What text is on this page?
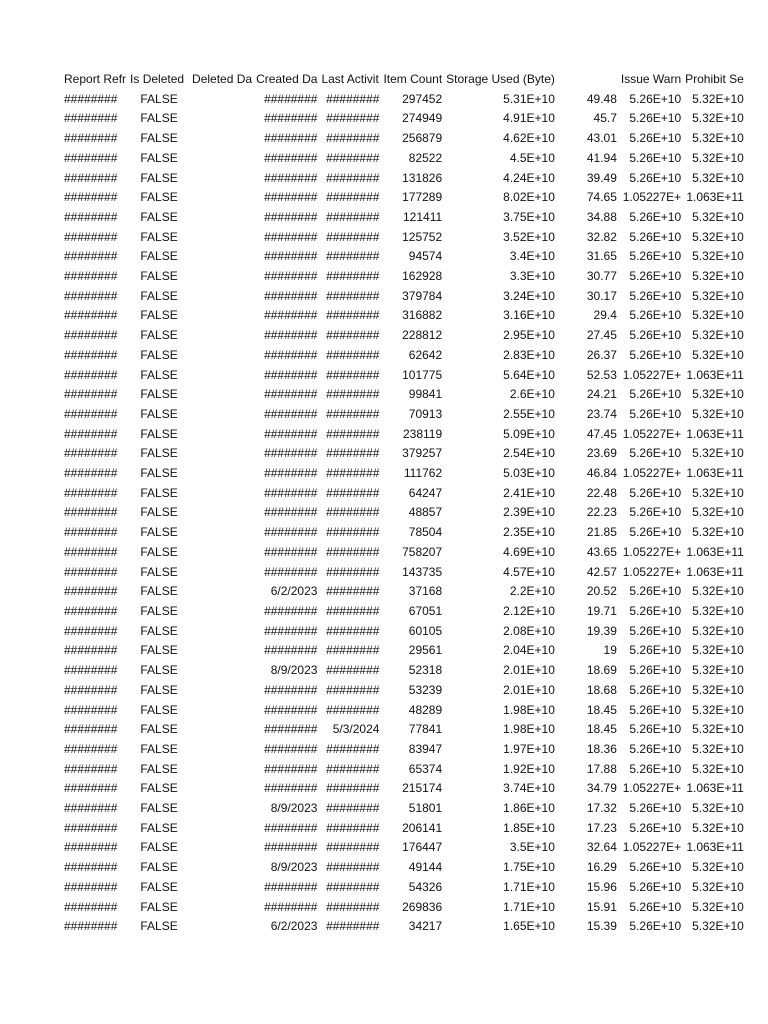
Report Refr	Is Deleted	Deleted Da	Created Da	Last Activit	Item Count	Storage Used (Byte)		Issue Warn	Prohibit Se
########	FALSE		########	########	297452	5.31E+10	49.48	5.26E+10	5.32E+10
########	FALSE		########	########	274949	4.91E+10	45.7	5.26E+10	5.32E+10
########	FALSE		########	########	256879	4.62E+10	43.01	5.26E+10	5.32E+10
########	FALSE		########	########	82522	4.5E+10	41.94	5.26E+10	5.32E+10
########	FALSE		########	########	131826	4.24E+10	39.49	5.26E+10	5.32E+10
########	FALSE		########	########	177289	8.02E+10	74.65	1.05227E+	1.063E+11
########	FALSE		########	########	121411	3.75E+10	34.88	5.26E+10	5.32E+10
########	FALSE		########	########	125752	3.52E+10	32.82	5.26E+10	5.32E+10
########	FALSE		########	########	94574	3.4E+10	31.65	5.26E+10	5.32E+10
########	FALSE		########	########	162928	3.3E+10	30.77	5.26E+10	5.32E+10
########	FALSE		########	########	379784	3.24E+10	30.17	5.26E+10	5.32E+10
########	FALSE		########	########	316882	3.16E+10	29.4	5.26E+10	5.32E+10
########	FALSE		########	########	228812	2.95E+10	27.45	5.26E+10	5.32E+10
########	FALSE		########	########	62642	2.83E+10	26.37	5.26E+10	5.32E+10
########	FALSE		########	########	101775	5.64E+10	52.53	1.05227E+	1.063E+11
########	FALSE		########	########	99841	2.6E+10	24.21	5.26E+10	5.32E+10
########	FALSE		########	########	70913	2.55E+10	23.74	5.26E+10	5.32E+10
########	FALSE		########	########	238119	5.09E+10	47.45	1.05227E+	1.063E+11
########	FALSE		########	########	379257	2.54E+10	23.69	5.26E+10	5.32E+10
########	FALSE		########	########	111762	5.03E+10	46.84	1.05227E+	1.063E+11
########	FALSE		########	########	64247	2.41E+10	22.48	5.26E+10	5.32E+10
########	FALSE		########	########	48857	2.39E+10	22.23	5.26E+10	5.32E+10
########	FALSE		########	########	78504	2.35E+10	21.85	5.26E+10	5.32E+10
########	FALSE		########	########	758207	4.69E+10	43.65	1.05227E+	1.063E+11
########	FALSE		########	########	143735	4.57E+10	42.57	1.05227E+	1.063E+11
########	FALSE		6/2/2023	########	37168	2.2E+10	20.52	5.26E+10	5.32E+10
########	FALSE		########	########	67051	2.12E+10	19.71	5.26E+10	5.32E+10
########	FALSE		########	########	60105	2.08E+10	19.39	5.26E+10	5.32E+10
########	FALSE		########	########	29561	2.04E+10	19	5.26E+10	5.32E+10
########	FALSE		8/9/2023	########	52318	2.01E+10	18.69	5.26E+10	5.32E+10
########	FALSE		########	########	53239	2.01E+10	18.68	5.26E+10	5.32E+10
########	FALSE		########	########	48289	1.98E+10	18.45	5.26E+10	5.32E+10
########	FALSE		########	5/3/2024	77841	1.98E+10	18.45	5.26E+10	5.32E+10
########	FALSE		########	########	83947	1.97E+10	18.36	5.26E+10	5.32E+10
########	FALSE		########	########	65374	1.92E+10	17.88	5.26E+10	5.32E+10
########	FALSE		########	########	215174	3.74E+10	34.79	1.05227E+	1.063E+11
########	FALSE		8/9/2023	########	51801	1.86E+10	17.32	5.26E+10	5.32E+10
########	FALSE		########	########	206141	1.85E+10	17.23	5.26E+10	5.32E+10
########	FALSE		########	########	176447	3.5E+10	32.64	1.05227E+	1.063E+11
########	FALSE		8/9/2023	########	49144	1.75E+10	16.29	5.26E+10	5.32E+10
########	FALSE		########	########	54326	1.71E+10	15.96	5.26E+10	5.32E+10
########	FALSE		########	########	269836	1.71E+10	15.91	5.26E+10	5.32E+10
########	FALSE		6/2/2023	########	34217	1.65E+10	15.39	5.26E+10	5.32E+10
